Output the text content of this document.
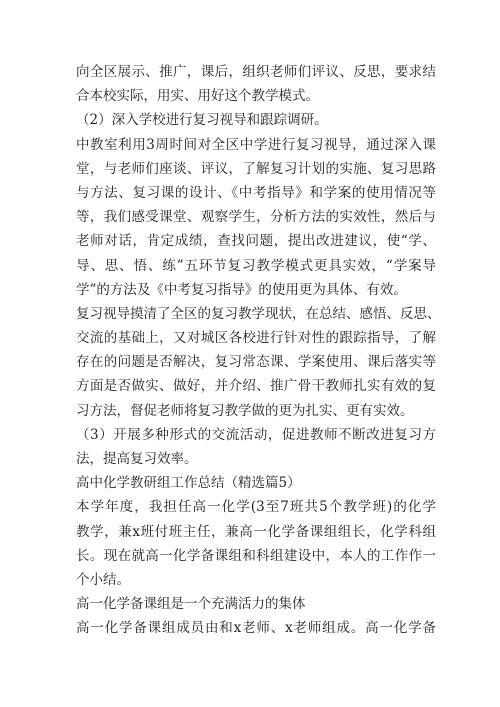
向全区展示、推广，课后，组织老师们评议、反思，要求结
合本校实际，用实、用好这个教学模式。
（2）深入学校进行复习视导和跟踪调研。
中教室利用3周时间对全区中学进行复习视导，通过深入课
堂，与老师们座谈、评议，了解复习计划的实施、复习思路
与方法、复习课的设计、《中考指导》和学案的使用情况等
等，我们感受课堂、观察学生，分析方法的实效性，然后与
老师对话，肯定成绩，查找问题，提出改进建议，使“学、
导、思、悟、练”五环节复习教学模式更具实效，“学案导
学”的方法及《中考复习指导》的使用更为具体、有效。
复习视导摸清了全区的复习教学现状，在总结、感悟、反思、
交流的基础上，又对城区各校进行针对性的跟踪指导，了解
存在的问题是否解决，复习常态课、学案使用、课后落实等
方面是否做实、做好，并介绍、推广骨干教师扎实有效的复
习方法，督促老师将复习教学做的更为扎实、更有实效。
（3）开展多种形式的交流活动，促进教师不断改进复习方
法，提高复习效率。
高中化学教研组工作总结（精选篇5）
本学年度，我担任高一化学(3至7班共5个教学班)的化学
教学，兼x班付班主任，兼高一化学备课组组长，化学科组
长。现在就高一化学备课组和科组建设中，本人的工作作一
个小结。
高一化学备课组是一个充满活力的集体
高一化学备课组成员由和x老师、x老师组成。高一化学备
